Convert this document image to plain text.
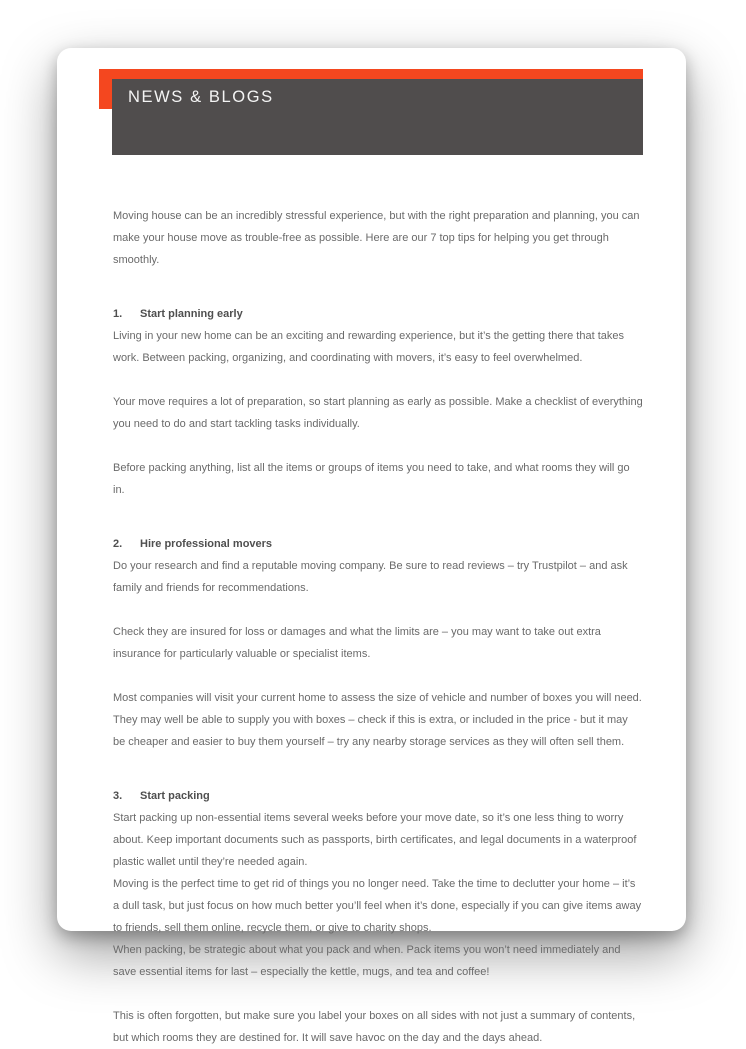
NEWS & BLOGS

Moving house can be an incredibly stressful experience, but with the right preparation and planning, you can make your house move as trouble-free as possible. Here are our 7 top tips for helping you get through smoothly.

1. Start planning early

Living in your new home can be an exciting and rewarding experience, but it’s the getting there that takes work. Between packing, organizing, and coordinating with movers, it’s easy to feel overwhelmed.

Your move requires a lot of preparation, so start planning as early as possible. Make a checklist of everything you need to do and start tackling tasks individually.

Before packing anything, list all the items or groups of items you need to take, and what rooms they will go in.

2. Hire professional movers

Do your research and find a reputable moving company. Be sure to read reviews – try Trustpilot – and ask family and friends for recommendations.

Check they are insured for loss or damages and what the limits are – you may want to take out extra insurance for particularly valuable or specialist items.

Most companies will visit your current home to assess the size of vehicle and number of boxes you will need. They may well be able to supply you with boxes – check if this is extra, or included in the price - but it may be cheaper and easier to buy them yourself – try any nearby storage services as they will often sell them.

3. Start packing

Start packing up non-essential items several weeks before your move date, so it’s one less thing to worry about. Keep important documents such as passports, birth certificates, and legal documents in a waterproof plastic wallet until they’re needed again.

Moving is the perfect time to get rid of things you no longer need. Take the time to declutter your home – it’s a dull task, but just focus on how much better you’ll feel when it’s done, especially if you can give items away to friends, sell them online, recycle them, or give to charity shops.

When packing, be strategic about what you pack and when. Pack items you won’t need immediately and save essential items for last – especially the kettle, mugs, and tea and coffee!

This is often forgotten, but make sure you label your boxes on all sides with not just a summary of contents, but which rooms they are destined for. It will save havoc on the day and the days ahead.
